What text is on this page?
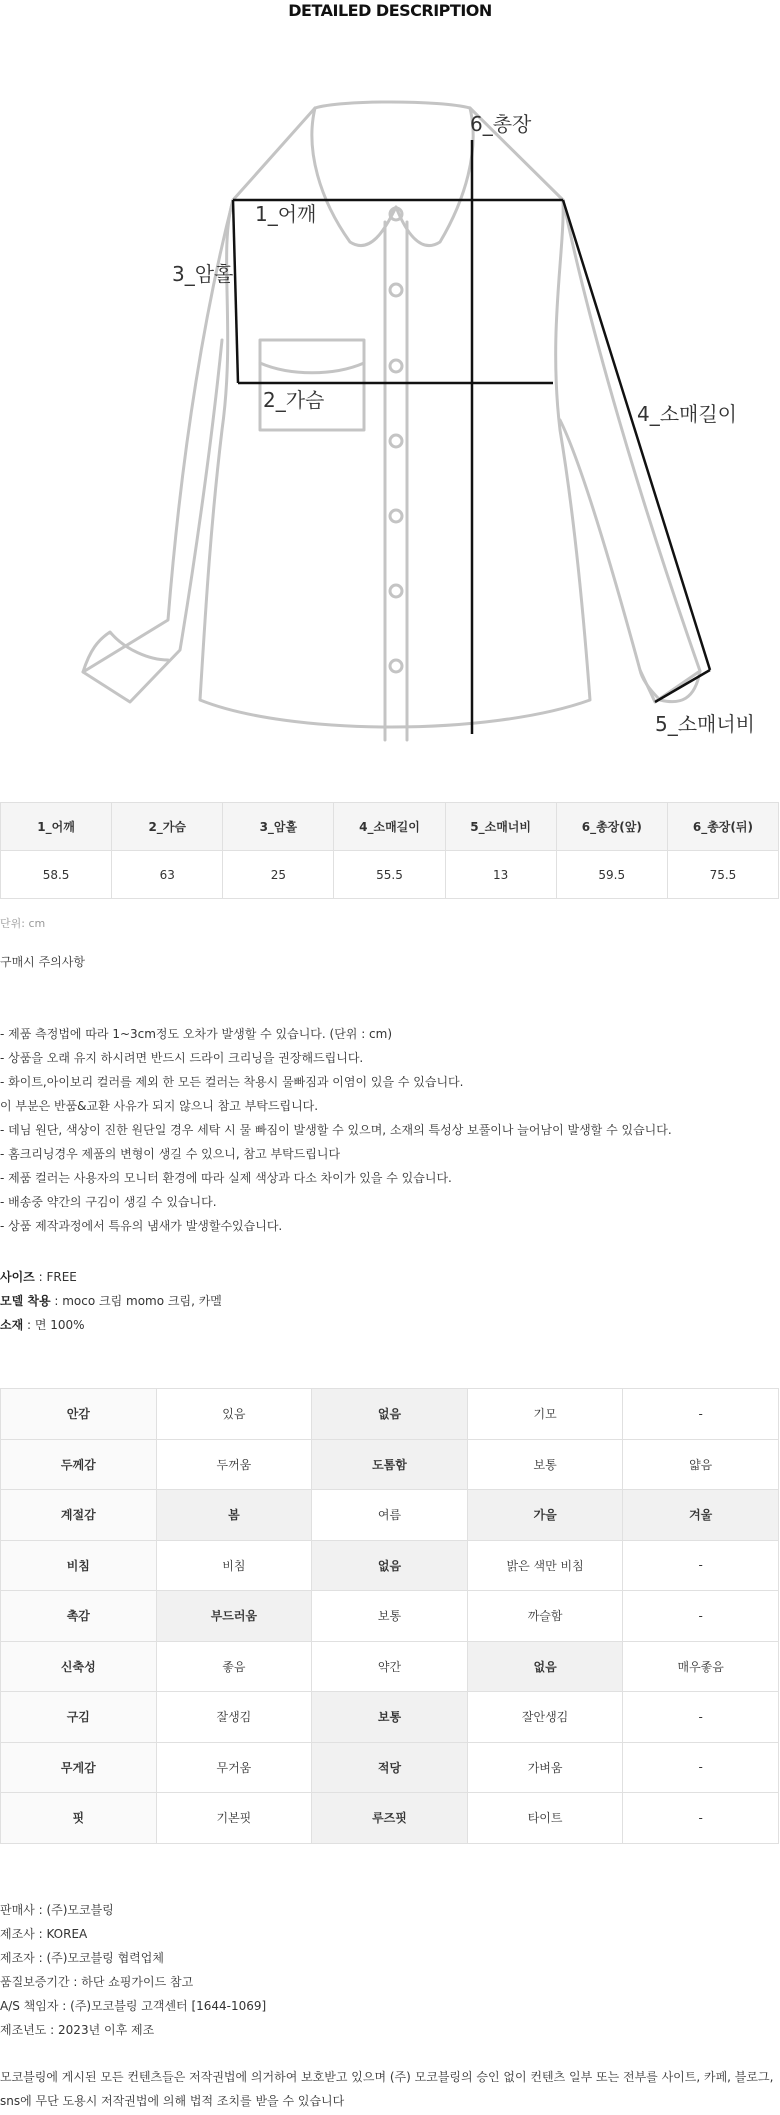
DETAILED DESCRIPTION
1_어깨
3_암홀
2_가슴
6_총장
4_소매길이
5_소매너비
1_어깨	2_가슴	3_암홀	4_소매길이	5_소매너비	6_총장(앞)	6_총장(뒤)
58.5	63	25	55.5	13	59.5	75.5
단위: cm
구매시 주의사항
- 제품 측정법에 따라 1~3cm정도 오차가 발생할 수 있습니다. (단위 : cm)
- 상품을 오래 유지 하시려면 반드시 드라이 크리닝을 권장해드립니다.
- 화이트,아이보리 컬러를 제외 한 모든 컬러는 착용시 물빠짐과 이염이 있을 수 있습니다.
이 부분은 반품&교환 사유가 되지 않으니 참고 부탁드립니다.
- 데님 원단, 색상이 진한 원단일 경우 세탁 시 물 빠짐이 발생할 수 있으며, 소재의 특성상 보풀이나 늘어남이 발생할 수 있습니다.
- 홈크리닝경우 제품의 변형이 생길 수 있으니, 참고 부탁드립니다
- 제품 컬러는 사용자의 모니터 환경에 따라 실제 색상과 다소 차이가 있을 수 있습니다.
- 배송중 약간의 구김이 생길 수 있습니다.
- 상품 제작과정에서 특유의 냄새가 발생할수있습니다.
사이즈 : FREE
모델 착용 : moco 크림 momo 크림, 카멜
소재 : 면 100%
안감	있음	없음	기모	-
두께감	두꺼움	도톰함	보통	얇음
계절감	봄	여름	가을	겨울
비침	비침	없음	밝은 색만 비침	-
촉감	부드러움	보통	까슬함	-
신축성	좋음	약간	없음	매우좋음
구김	잘생김	보통	잘안생김	-
무게감	무거움	적당	가벼움	-
핏	기본핏	루즈핏	타이트	-
판매사 : (주)모코블링
제조사 : KOREA
제조자 : (주)모코블링 협력업체
품질보증기간 : 하단 쇼핑가이드 참고
A/S 책임자 : (주)모코블링 고객센터 [1644-1069]
제조년도 : 2023년 이후 제조
모코블링에 게시된 모든 컨텐츠들은 저작권법에 의거하여 보호받고 있으며 (주) 모코블링의 승인 없이 컨텐츠 일부 또는 전부를 사이트, 카페, 블로그, sns에 무단 도용시 저작권법에 의해 법적 조치를 받을 수 있습니다
